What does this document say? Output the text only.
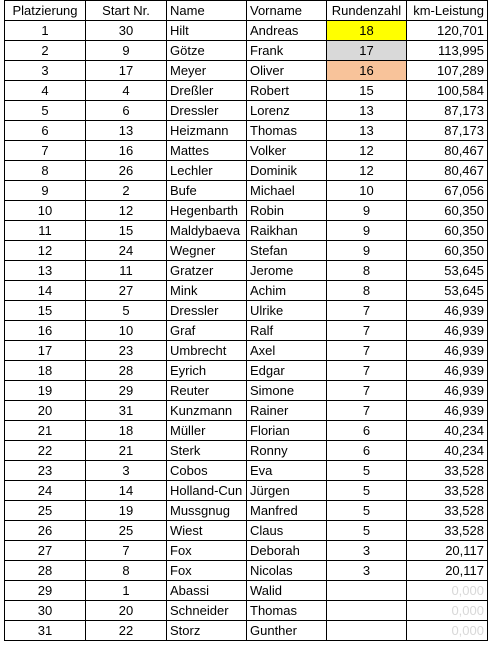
Platzierung	Start Nr.	Name	Vorname	Rundenzahl	km-Leistung
1	30	Hilt	Andreas	18	120,701
2	9	Götze	Frank	17	113,995
3	17	Meyer	Oliver	16	107,289
4	4	Dreßler	Robert	15	100,584
5	6	Dressler	Lorenz	13	87,173
6	13	Heizmann	Thomas	13	87,173
7	16	Mattes	Volker	12	80,467
8	26	Lechler	Dominik	12	80,467
9	2	Bufe	Michael	10	67,056
10	12	Hegenbarth	Robin	9	60,350
11	15	Maldybaeva	Raikhan	9	60,350
12	24	Wegner	Stefan	9	60,350
13	11	Gratzer	Jerome	8	53,645
14	27	Mink	Achim	8	53,645
15	5	Dressler	Ulrike	7	46,939
16	10	Graf	Ralf	7	46,939
17	23	Umbrecht	Axel	7	46,939
18	28	Eyrich	Edgar	7	46,939
19	29	Reuter	Simone	7	46,939
20	31	Kunzmann	Rainer	7	46,939
21	18	Müller	Florian	6	40,234
22	21	Sterk	Ronny	6	40,234
23	3	Cobos	Eva	5	33,528
24	14	Holland-Cun	Jürgen	5	33,528
25	19	Mussgnug	Manfred	5	33,528
26	25	Wiest	Claus	5	33,528
27	7	Fox	Deborah	3	20,117
28	8	Fox	Nicolas	3	20,117
29	1	Abassi	Walid		0,000
30	20	Schneider	Thomas		0,000
31	22	Storz	Gunther		0,000
